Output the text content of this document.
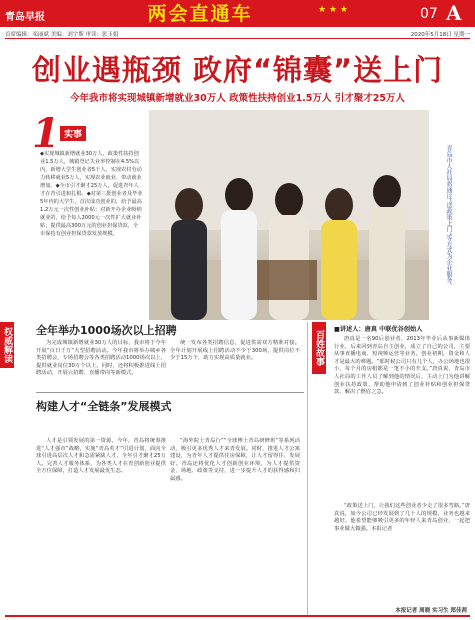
青岛早报	两会直通车	★ ★ ★	07 A
首席编辑：栾丽斌 美编：刘宇斯 审读：张玉娟	2020年5月18日 星期一
创业遇瓶颈 政府“锦囊”送上门
今年我市将实现城镇新增就业30万人 政策性扶持创业1.5万人 引才聚才25万人
1 实事
◆实现城镇新增就业30万人，政策性扶持创业1.5万人，城镇登记失业率控制在4.5%以内，新增大学生创业者5千人，实现农村劳动力转移就业5万人，实现农业就业、带动就业增加。◆全市引才聚才25万人，促进青年人才在青引进和扎根。◆对第三批创业者及毕业5年内的大学生，首次成功创业的，给予最高1.2万元一次性创业补贴；对新开办企业吸纳就业的，给予每人2000元一次性扩大就业补贴；提供最高300万元的创业担保贷款，全市保持有创业担保贷款发放规模。	青岛市人社局将通过“送政策上门”等方式为企业服务。
权威解读 全年举办1000场次以上招聘
为完成城镇新增就业30万人的目标，我市将于今年开展“百日千万”大型招聘活动。今年我市将举办城乡各类招聘会，专场招聘会等各类招聘活动1000场次以上，提供就业岗位30万个以上。同时，还将积极推进线上招聘活动，开展云招聘、直播带岗等新模式。
统一发布各类招聘信息，促进供需双方精准对接。全年计划开展线上招聘活动不少于300场，提供岗位不少于15万个，助力实现高质量就业。
构建人才“全链条”发展模式
人才是引领发展的第一资源。今年，青岛将统筹推进“人才强市”战略，实施“青岛英才”引进计划，面向全球引进高层次人才和急需紧缺人才，全年引才聚才25万人。完善人才服务体系，为各类人才在青创新创业提供全方位保障，打造人才发展最优生态。
“海外院士青岛行”“全球博士青岛研修班”等系列活动，吸引更多优秀人才来青发展。同时，推进人才公寓建设，为青年人才提供住房保障，让人才留得住、发展好。青岛还将优化人才创新创业环境，为人才提供资金、场地、政策等支持，进一步提升人才的获得感和归属感。
百姓故事
■讲述人：唐真 中联优谷创始人
唐真是一名90后创业者，2013年毕业后从事新媒体行业，后来回到青岛自主创业，成立了自己的公司，主要从事直播电商、短视频运营等业务。创业初期，资金和人才是最大的难题。“那时候公司只有几个人，办公场地也很小，每个月的房租都是一笔不小的开支。”唐真说，青岛市人社局的工作人员了解到他的情况后，主动上门为他讲解创业扶持政策，帮助他申请到了创业补贴和创业担保贷款，解决了燃眉之急。
“政策送上门，让我们这些创业者少走了很多弯路。”唐真说，如今公司已经发展到了几十人的规模，业务也越来越好。他希望能够吸引更多的年轻人来青岛创业，一起把事业做大做强。本报记者
本报记者 周晓 实习生 郑佳茜
